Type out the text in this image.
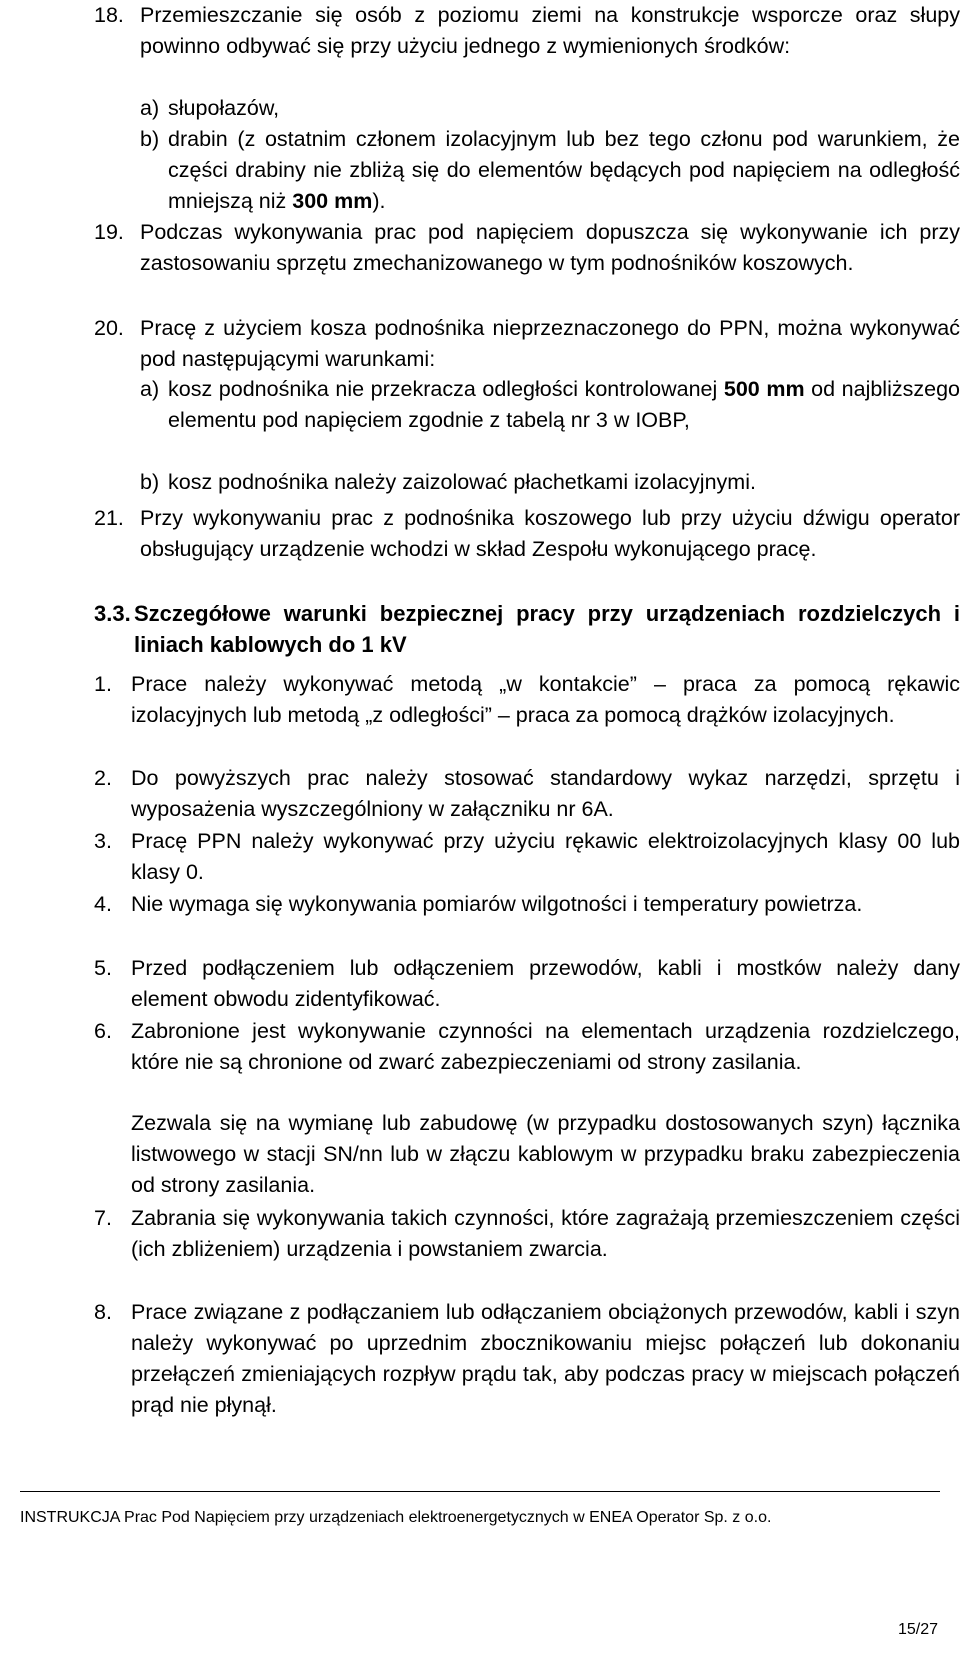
18. Przemieszczanie się osób z poziomu ziemi na konstrukcje wsporcze oraz słupy powinno odbywać się przy użyciu jednego z wymienionych środków:
a) słupołazów,
b) drabin (z ostatnim członem izolacyjnym lub bez tego członu pod warunkiem, że części drabiny nie zbliżą się do elementów będących pod napięciem na odległość mniejszą niż 300 mm).
19. Podczas wykonywania prac pod napięciem dopuszcza się wykonywanie ich przy zastosowaniu sprzętu zmechanizowanego w tym podnośników koszowych.
20. Pracę z użyciem kosza podnośnika nieprzeznaczonego do PPN, można wykonywać pod następującymi warunkami:
a) kosz podnośnika nie przekracza odległości kontrolowanej 500 mm od najbliższego elementu pod napięciem zgodnie z tabelą nr 3 w IOBP,
b) kosz podnośnika należy zaizolować płachetkami izolacyjnymi.
21. Przy wykonywaniu prac z podnośnika koszowego lub przy użyciu dźwigu operator obsługujący urządzenie wchodzi w skład Zespołu wykonującego pracę.
3.3. Szczegółowe warunki bezpiecznej pracy przy urządzeniach rozdzielczych i liniach kablowych do 1 kV
1. Prace należy wykonywać metodą „w kontakcie” – praca za pomocą rękawic izolacyjnych lub metodą „z odległości” – praca za pomocą drążków izolacyjnych.
2. Do powyższych prac należy stosować standardowy wykaz narzędzi, sprzętu i wyposażenia wyszczególniony w załączniku nr 6A.
3. Pracę PPN należy wykonywać przy użyciu rękawic elektroizolacyjnych klasy 00 lub klasy 0.
4. Nie wymaga się wykonywania pomiarów wilgotności i temperatury powietrza.
5. Przed podłączeniem lub odłączeniem przewodów, kabli i mostków należy dany element obwodu zidentyfikować.
6. Zabronione jest wykonywanie czynności na elementach urządzenia rozdzielczego, które nie są chronione od zwarć zabezpieczeniami od strony zasilania.
Zezwala się na wymianę lub zabudowę (w przypadku dostosowanych szyn) łącznika listwowego w stacji SN/nn lub w złączu kablowym w przypadku braku zabezpieczenia od strony zasilania.
7. Zabrania się wykonywania takich czynności, które zagrażają przemieszczeniem części (ich zbliżeniem) urządzenia i powstaniem zwarcia.
8. Prace związane z podłączaniem lub odłączaniem obciążonych przewodów, kabli i szyn należy wykonywać po uprzednim zbocznikowaniu miejsc połączeń lub dokonaniu przełączeń zmieniających rozpływ prądu tak, aby podczas pracy w miejscach połączeń prąd nie płynął.
INSTRUKCJA Prac Pod Napięciem przy urządzeniach elektroenergetycznych w ENEA Operator Sp. z o.o.
15/27
